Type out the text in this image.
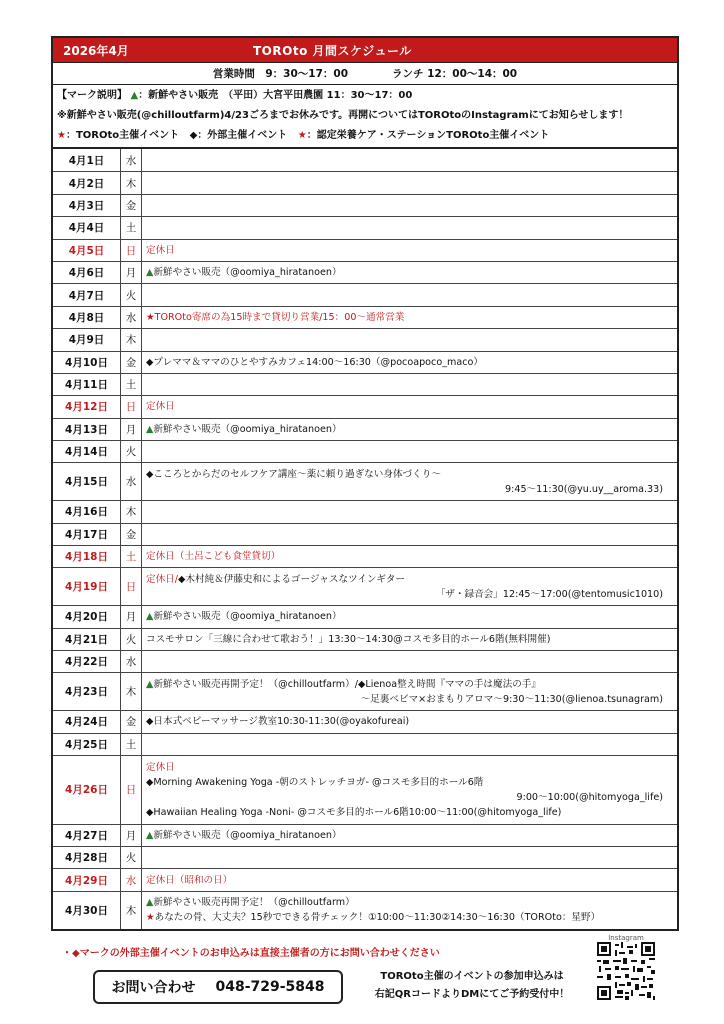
2026年4月	TOROto 月間スケジュール
営業時間　9：30〜17：00	ランチ 12：00〜14：00
【マーク説明】 ▲：新鮮やさい販売　（平田）大宮平田農園 11：30〜17：00
※新鮮やさい販売(@chilloutfarm)4/23ごろまでお休みです。再開についてはTOROtoのInstagramにてお知らせします！
★：TOROto主催イベント ◆：外部主催イベント ★：認定栄養ケア・ステーションTOROto主催イベント
4月1日	水
4月2日	木
4月3日	金
4月4日	土
4月5日	日	定休日
4月6日	月	▲新鮮やさい販売（@oomiya_hiratanoen）
4月7日	火
4月8日	水	★TOROto寄席の為15時まで貸切り営業/15：00〜通常営業
4月9日	木
4月10日	金	◆プレママ＆ママのひとやすみカフェ14:00〜16:30（@pocoapoco_maco）
4月11日	土
4月12日	日	定休日
4月13日	月	▲新鮮やさい販売（@oomiya_hiratanoen）
4月14日	火
4月15日	水
◆こころとからだのセルフケア講座〜薬に頼り過ぎない身体づくり〜
9:45〜11:30(@yu.uy__aroma.33)
4月16日	木
4月17日	金
4月18日	土	定休日（土呂こども食堂貸切）
4月19日	日
定休日/◆木村純＆伊藤史和によるゴージャスなツインギター
「ザ・録音会」12:45〜17:00(@tentomusic1010)
4月20日	月	▲新鮮やさい販売（@oomiya_hiratanoen）
4月21日	火	コスモサロン「三線に合わせて歌おう！」13:30〜14:30@コスモ多目的ホール6階(無料開催)
4月22日	水
4月23日	木
▲新鮮やさい販売再開予定！（@chilloutfarm）/◆Lienoa整え時間『ママの手は魔法の手』
〜足裏ベビマ×おまもりアロマ〜9:30〜11:30(@lienoa.tsunagram)
4月24日	金	◆日本式ベビーマッサージ教室10:30-11:30(@oyakofureai)
4月25日	土
4月26日	日
定休日
◆Morning Awakening Yoga -朝のストレッチヨガ- @コスモ多目的ホール6階
9:00〜10:00(@hitomyoga_life)
◆Hawaiian Healing Yoga -Noni- @コスモ多目的ホール6階10:00〜11:00(@hitomyoga_life)
4月27日	月	▲新鮮やさい販売（@oomiya_hiratanoen）
4月28日	火
4月29日	水	定休日（昭和の日）
4月30日	木
▲新鮮やさい販売再開予定！（@chilloutfarm）
★あなたの骨、大丈夫？15秒でできる骨チェック！①10:00〜11:30②14:30〜16:30（TOROto：星野）
・◆マークの外部主催イベントのお申込みは直接主催者の方にお問い合わせください
お問い合わせ 048-729-5848
TOROto主催のイベントの参加申込みは
右記QRコードよりDMにてご予約受付中！
Instagram
